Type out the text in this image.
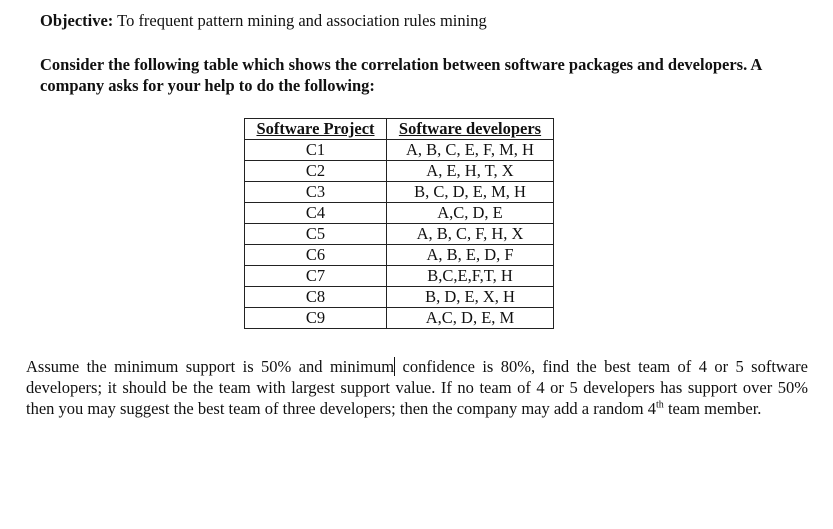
Objective: To frequent pattern mining and association rules mining
Consider the following table which shows the correlation between software packages and developers. A company asks for your help to do the following:
Software Project	Software developers
C1	A, B, C, E, F, M, H
C2	A, E, H, T, X
C3	B, C, D, E, M, H
C4	A,C, D, E
C5	A, B, C, F, H, X
C6	A, B, E, D, F
C7	B,C,E,F,T, H
C8	B, D, E, X, H
C9	A,C, D, E, M
Assume the minimum support is 50% and minimum confidence is 80%, find the best team of 4 or 5 software developers; it should be the team with largest support value. If no team of 4 or 5 developers has support over 50% then you may suggest the best team of three developers; then the company may add a random 4th team member.
